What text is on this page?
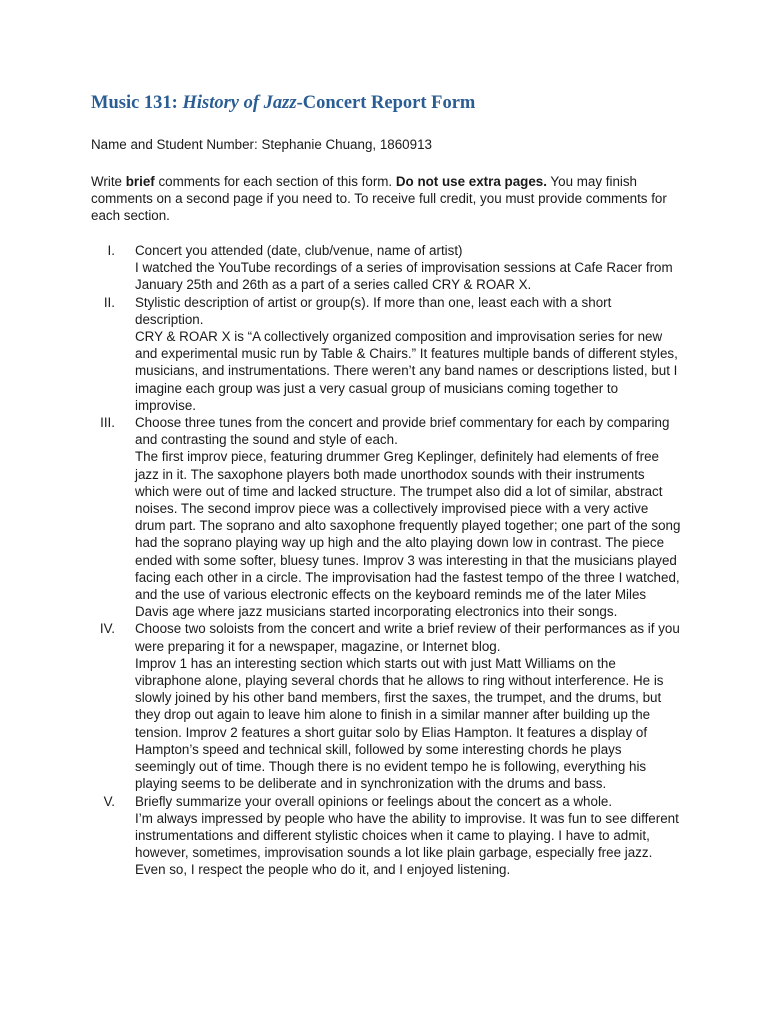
Music 131: History of Jazz-Concert Report Form

Name and Student Number: Stephanie Chuang, 1860913

Write brief comments for each section of this form. Do not use extra pages. You may finish comments on a second page if you need to. To receive full credit, you must provide comments for each section.

I. Concert you attended (date, club/venue, name of artist)

I watched the YouTube recordings of a series of improvisation sessions at Cafe Racer from January 25th and 26th as a part of a series called CRY & ROAR X.

II. Stylistic description of artist or group(s). If more than one, least each with a short description.

CRY & ROAR X is “A collectively organized composition and improvisation series for new and experimental music run by Table & Chairs.” It features multiple bands of different styles, musicians, and instrumentations. There weren’t any band names or descriptions listed, but I imagine each group was just a very casual group of musicians coming together to improvise.

III. Choose three tunes from the concert and provide brief commentary for each by comparing and contrasting the sound and style of each.

The first improv piece, featuring drummer Greg Keplinger, definitely had elements of free jazz in it. The saxophone players both made unorthodox sounds with their instruments which were out of time and lacked structure. The trumpet also did a lot of similar, abstract noises. The second improv piece was a collectively improvised piece with a very active drum part. The soprano and alto saxophone frequently played together; one part of the song had the soprano playing way up high and the alto playing down low in contrast. The piece ended with some softer, bluesy tunes. Improv 3 was interesting in that the musicians played facing each other in a circle. The improvisation had the fastest tempo of the three I watched, and the use of various electronic effects on the keyboard reminds me of the later Miles Davis age where jazz musicians started incorporating electronics into their songs.

IV. Choose two soloists from the concert and write a brief review of their performances as if you were preparing it for a newspaper, magazine, or Internet blog.

Improv 1 has an interesting section which starts out with just Matt Williams on the vibraphone alone, playing several chords that he allows to ring without interference. He is slowly joined by his other band members, first the saxes, the trumpet, and the drums, but they drop out again to leave him alone to finish in a similar manner after building up the tension. Improv 2 features a short guitar solo by Elias Hampton. It features a display of Hampton’s speed and technical skill, followed by some interesting chords he plays seemingly out of time. Though there is no evident tempo he is following, everything his playing seems to be deliberate and in synchronization with the drums and bass.

V. Briefly summarize your overall opinions or feelings about the concert as a whole.

I’m always impressed by people who have the ability to improvise. It was fun to see different instrumentations and different stylistic choices when it came to playing. I have to admit, however, sometimes, improvisation sounds a lot like plain garbage, especially free jazz. Even so, I respect the people who do it, and I enjoyed listening.
